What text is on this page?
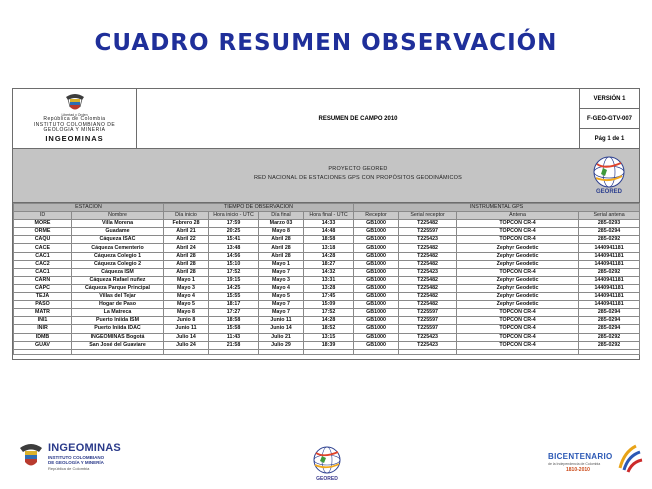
CUADRO RESUMEN OBSERVACIÓN
Libertad y Orden
República de Colombia
INSTITUTO COLOMBIANO DE
GEOLOGIA Y MINERIA
INGEOMINAS
RESUMEN DE CAMPO 2010
VERSIÓN 1
F-GEO-GTV-007
Pág 1 de 1
PROYECTO GEORED
RED NACIONAL DE ESTACIONES GPS CON PROPÓSITOS GEODINÁMICOS
GEORED
ESTACIÓN		TIEMPO DE OBSERVACIÓN				INSTRUMENTAL GPS			
ID	Nombre	Día inicio	Hora inicio - UTC	Día final	Hora final - UTC	Receptor	Serial receptor	Antena	Serial antena
MORE	Villa Morena	Febrero 28	17:59	Marzo 03	14:33	GB1000	T225482	TOPCON CR-4	285-0293
ORME	Guadame	Abril 21	20:25	Mayo 8	14:48	GB1000	T225597	TOPCON CR-4	285-0294
CAQU	Cáqueza ISAC	Abril 22	15:41	Abril 28	18:58	GB1000	T225423	TOPCON CR-4	285-0292
CACE	Cáqueza Cementerio	Abril 24	13:48	Abril 28	13:18	GB1000	T225482	Zephyr Geodetic	1440941181
CAC1	Cáqueza Colegio 1	Abril 28	14:56	Abril 28	14:28	GB1000	T225482	Zephyr Geodetic	1440941181
CAC2	Cáqueza Colegio 2	Abril 28	15:10	Mayo 1	18:27	GB1000	T225482	Zephyr Geodetic	1440941181
CAC1	Cáqueza ISM	Abril 28	17:52	Mayo 7	14:32	GB1000	T225423	TOPCON CR-4	285-0292
CARN	Cáqueza Rafael nuñez	Mayo 1	19:15	Mayo 3	13:31	GB1000	T225482	Zephyr Geodetic	1440941181
CAPC	Cáqueza Parque Principal	Mayo 3	14:25	Mayo 4	13:28	GB1000	T225482	Zephyr Geodetic	1440941181
TEJA	Villas del Tejar	Mayo 4	15:55	Mayo 5	17:45	GB1000	T225482	Zephyr Geodetic	1440941181
PASO	Hogar de Paso	Mayo 5	18:17	Mayo 7	15:09	GB1000	T225482	Zephyr Geodetic	1440941181
MATR	La Matreca	Mayo 8	17:27	Mayo 7	17:52	GB1000	T225597	TOPCON CR-4	285-0294
INI1	Puerto Iniida ISM	Junio 8	18:58	Junio 11	14:28	GB1000	T225597	TOPCON CR-4	285-0294
INIR	Puerto Iniida IDAC	Junio 11	15:58	Junio 14	18:52	GB1000	T225597	TOPCON CR-4	285-0294
IDMB	INGEOMINAS Bogotá	Julio 14	11:43	Julio 21	13:15	GB1000	T225423	TOPCON CR-4	285-0292
GUAV	San José del Guaviare	Julio 24	21:58	Julio 29	18:39	GB1000	T225423	TOPCON CR-4	285-0292

INGEOMINAS
INSTITUTO COLOMBIANO
DE GEOLOGÍA Y MINERÍA
República de Colombia
GEORED
BICENTENARIO
de la Independencia de Colombia
1810-2010
